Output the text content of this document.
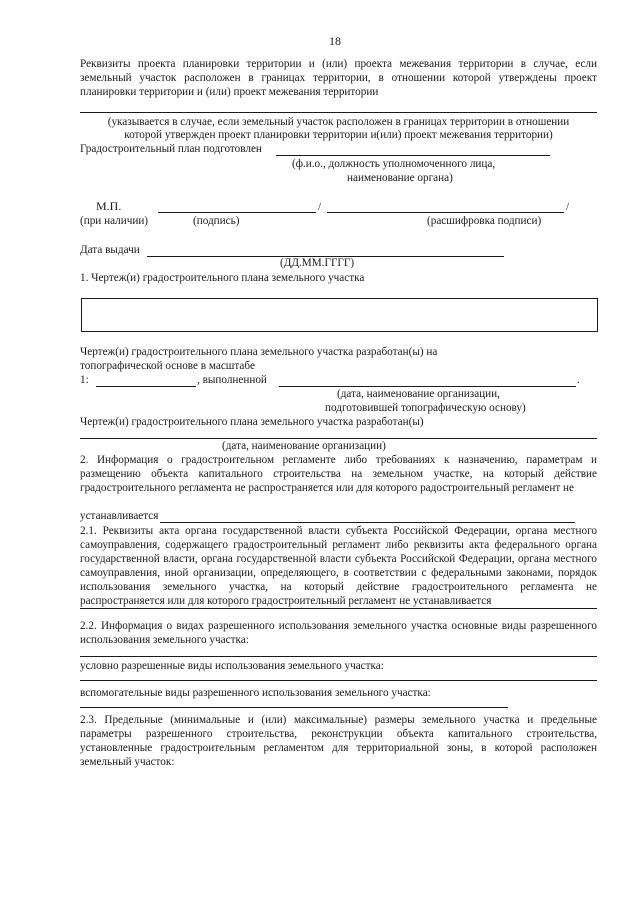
18
Реквизиты проекта планировки территории и (или) проекта межевания территории в случае, если земельный участок расположен в границах территории, в отношении которой утверждены проект планировки территории и (или) проект межевания территории
(указывается в случае, если земельный участок расположен в границах территории в отношении
которой утвержден проект планировки территории и(или) проект межевания территории)
Градостроительный план подготовлен
(ф.и.о., должность уполномоченного лица,
наименование органа)
М.П.	/	/
(при наличии)	(подпись)	(расшифровка подписи)
Дата выдачи
(ДД.ММ.ГГГГ)
1. Чертеж(и) градостроительного плана земельного участка
Чертеж(и) градостроительного плана земельного участка разработан(ы) на
топографической основе в масштабе
1:	, выполненной	.
(дата, наименование организации,
подготовившей топографическую основу)
Чертеж(и) градостроительного плана земельного участка разработан(ы)
(дата, наименование организации)
2. Информация о градостроительном регламенте либо требованиях к назначению, параметрам и размещению объекта капитального строительства на земельном участке, на который действие градостроительного регламента не распространяется или для которого радостроительный регламент не
устанавливается
2.1. Реквизиты акта органа государственной власти субъекта Российской Федерации, органа местного самоуправления, содержащего градостроительный регламент либо реквизиты акта федерального органа государственной власти, органа государственной власти субъекта Российской Федерации, органа местного самоуправления, иной организации, определяющего, в соответствии с федеральными законами, порядок использования земельного участка, на который действие градостроительного регламента не распространяется или для которого градостроительный регламент не устанавливается
2.2. Информация о видах разрешенного использования земельного участка основные виды разрешенного использования земельного участка:
условно разрешенные виды использования земельного участка:
вспомогательные виды разрешенного использования земельного участка:
2.3. Предельные (минимальные и (или) максимальные) размеры земельного участка и предельные параметры разрешенного строительства, реконструкции объекта капитального строительства, установленные градостроительным регламентом для территориальной зоны, в которой расположен земельный участок:
